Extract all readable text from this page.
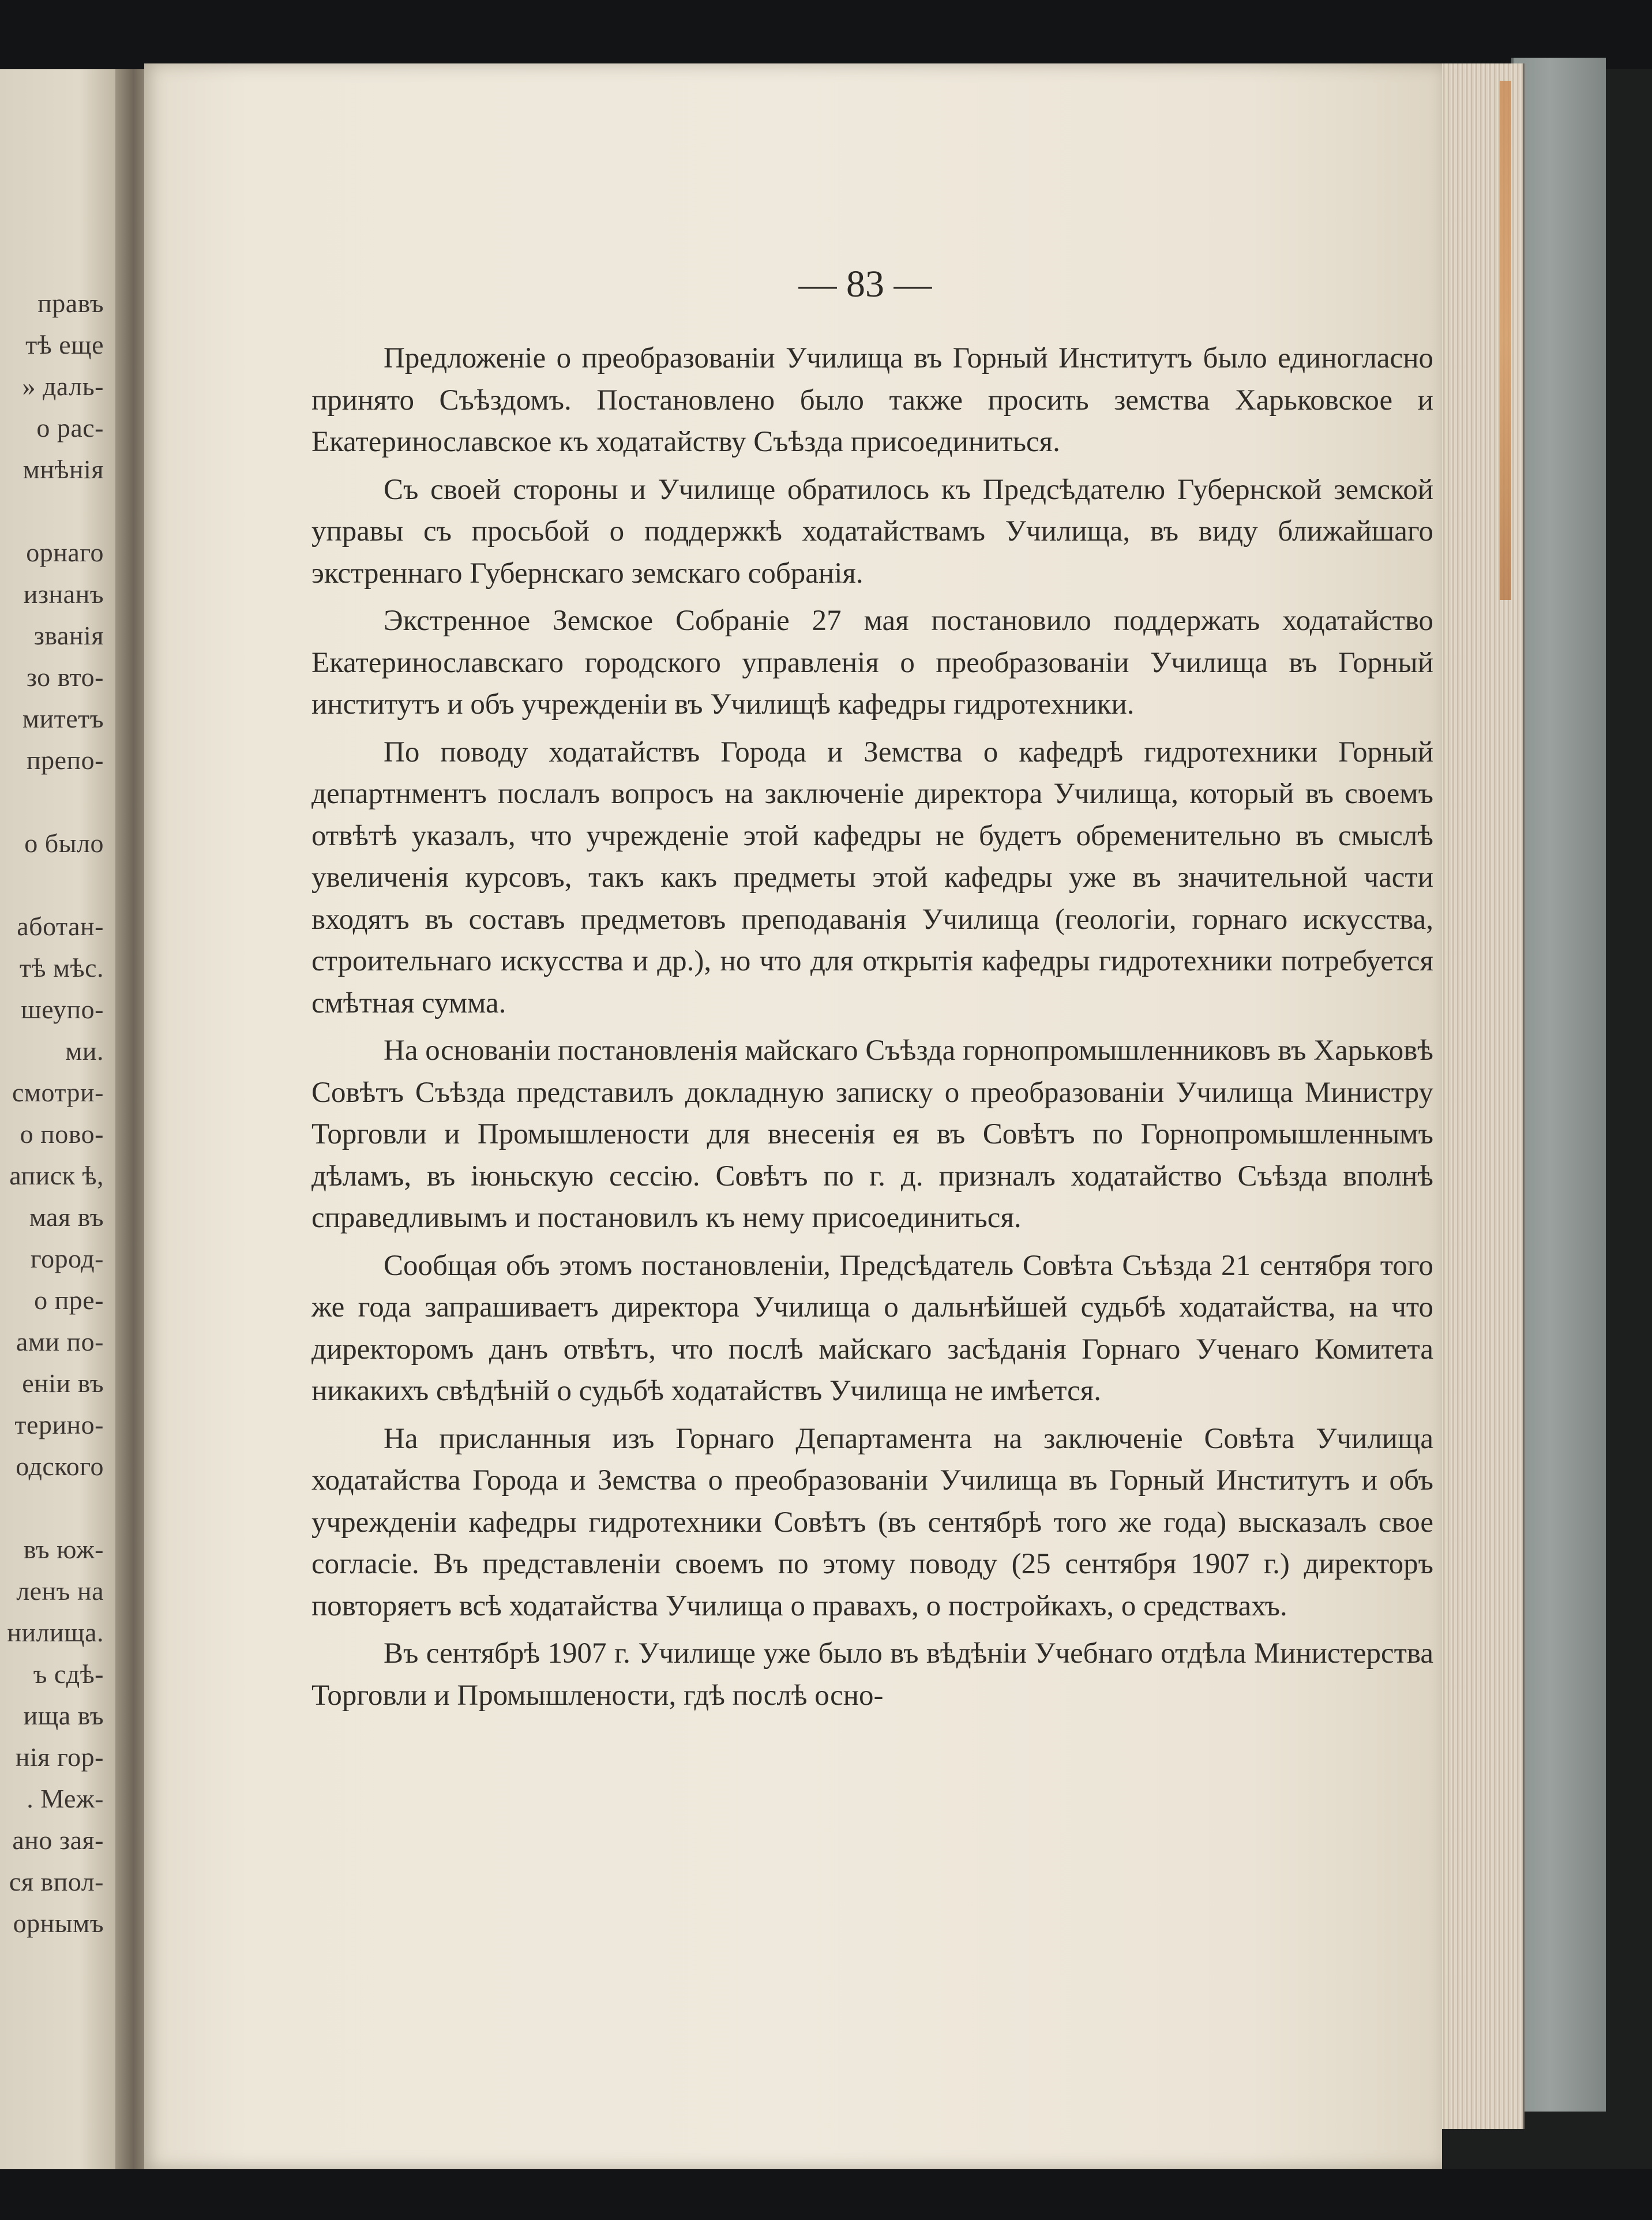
правъ
тѣ еще
» даль-
о рас-
мнѣнія

орнаго
изнанъ
званія
зо вто-
митетъ
препо-

о было

аботан-
тѣ мѣс.
шеупо-
ми.
смотри-
о пово-
аписк ѣ,
мая въ
город-
о пре-
ами по-
енiи въ
терино-
одского

въ юж-
ленъ на
нилища.
ъ сдѣ-
ища въ
нія гор-
. Меж-
ано зая-
ся впол-
орнымъ
— 83 —

Предложеніе о преобразованіи Училища въ Горный Институтъ было единогласно принято Съѣздомъ. Постановлено было также просить земства Харьковское и Екатеринославское къ ходатайству Съѣзда присоединиться.

Съ своей стороны и Училище обратилось къ Предсѣдателю Губернской земской управы съ просьбой о поддержкѣ ходатайствамъ Училища, въ виду ближайшаго экстреннаго Губернскаго земскаго собранія.

Экстренное Земское Собраніе 27 мая постановило поддержать ходатайство Екатеринославскаго городского управленія о преобразованіи Училища въ Горный институтъ и объ учрежденіи въ Училищѣ кафедры гидротехники.

По поводу ходатайствъ Города и Земства о кафедрѣ гидротехники Горный департнментъ послалъ вопросъ на заключеніе директора Училища, который въ своемъ отвѣтѣ указалъ, что учрежденіе этой кафедры не будетъ обременительно въ смыслѣ увеличенія курсовъ, такъ какъ предметы этой кафедры уже въ значительной части входятъ въ составъ предметовъ преподаванія Училища (геологіи, горнаго искусства, строительнаго искусства и др.), но что для открытія кафедры гидротехники потребуется смѣтная сумма.

На основаніи постановленія майскаго Съѣзда горнопромышленниковъ въ Харьковѣ Совѣтъ Съѣзда представилъ докладную записку о преобразованіи Училища Министру Торговли и Промышлености для внесенія ея въ Совѣтъ по Горнопромышленнымъ дѣламъ, въ іюньскую сессію. Совѣтъ по г. д. призналъ ходатайство Съѣзда вполнѣ справедливымъ и постановилъ къ нему присоединиться.

Сообщая объ этомъ постановленіи, Предсѣдатель Совѣта Съѣзда 21 сентября того же года запрашиваетъ директора Училища о дальнѣйшей судьбѣ ходатайства, на что директоромъ данъ отвѣтъ, что послѣ майскаго засѣданія Горнаго Ученаго Комитета никакихъ свѣдѣній о судьбѣ ходатайствъ Училища не имѣется.

На присланныя изъ Горнаго Департамента на заключеніе Совѣта Училища ходатайства Города и Земства о преобразованіи Училища въ Горный Институтъ и объ учрежденіи кафедры гидротехники Совѣтъ (въ сентябрѣ того же года) высказалъ свое согласіе. Въ представленіи своемъ по этому поводу (25 сентября 1907 г.) директоръ повторяетъ всѣ ходатайства Училища о правахъ, о постройкахъ, о средствахъ.

Въ сентябрѣ 1907 г. Училище уже было въ вѣдѣніи Учебнаго отдѣла Министерства Торговли и Промышлености, гдѣ послѣ осно-
